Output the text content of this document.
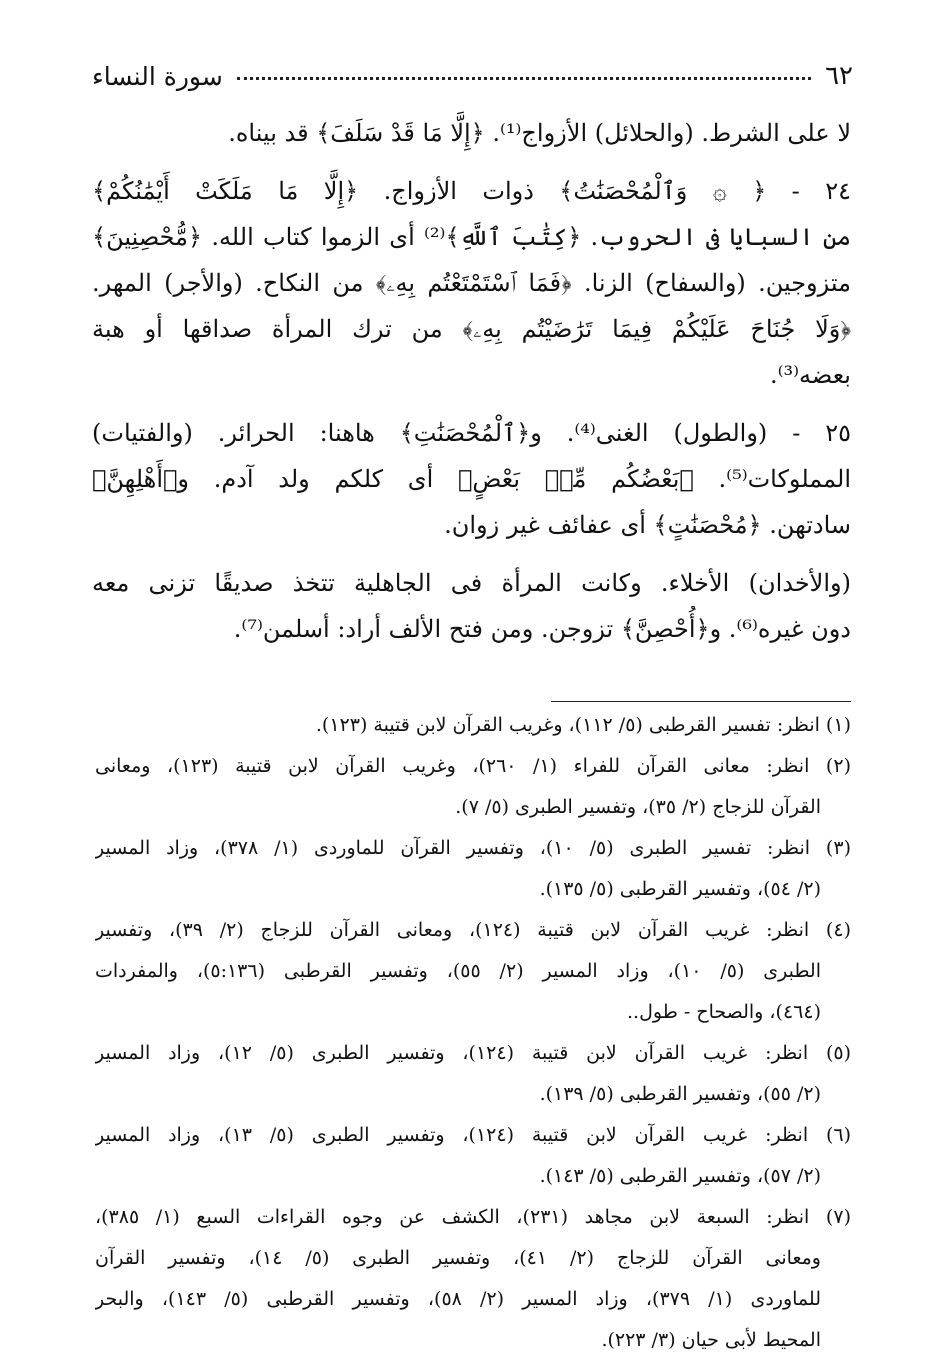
٦٢
سورة النساء
لا على الشرط. (والحلائل) الأزواج⁽¹⁾. ﴿إِلَّا مَا قَدْ سَلَفَ﴾ قد بيناه.
٢٤ - ﴿ ۞ وَٱلْمُحْصَنَٰتُ﴾ ذوات الأزواج. ﴿إِلَّا مَا مَلَكَتْ أَيْمَٰنُكُمْ﴾
من السبايا فى الحروب. ﴿كِتَٰبَ ٱللَّهِ﴾⁽²⁾ أى الزموا كتاب الله. ﴿مُّحْصِنِينَ﴾
متزوجين. (والسفاح) الزنا. ﴿فَمَا ٱسْتَمْتَعْتُم بِهِۦ﴾ من النكاح. (والأجر) المهر.
﴿وَلَا جُنَاحَ عَلَيْكُمْ فِيمَا تَرَٰضَيْتُم بِهِۦ﴾ من ترك المرأة صداقها أو هبة
بعضه⁽³⁾.
٢٥ - (والطول) الغنى⁽⁴⁾. و﴿ٱلْمُحْصَنَٰتِ﴾ هاهنا: الحرائر. (والفتيات)
المملوكات⁽⁵⁾. ﴿بَعْضُكُم مِّنۢ بَعْضٍ﴾ أى كلكم ولد آدم. و﴿أَهْلِهِنَّ﴾
سادتهن. ﴿مُحْصَنَٰتٍ﴾ أى عفائف غير زوان.
(والأخدان) الأخلاء. وكانت المرأة فى الجاهلية تتخذ صديقًا تزنى معه
دون غيره⁽⁶⁾. و﴿أُحْصِنَّ﴾ تزوجن. ومن فتح الألف أراد: أسلمن⁽⁷⁾.
(١) انظر: تفسير القرطبى (٥/ ١١٢)، وغريب القرآن لابن قتيبة (١٢٣).
(٢) انظر: معانى القرآن للفراء (١/ ٢٦٠)، وغريب القرآن لابن قتيبة (١٢٣)، ومعانى
القرآن للزجاج (٢/ ٣٥)، وتفسير الطبرى (٥/ ٧).
(٣) انظر: تفسير الطبرى (٥/ ١٠)، وتفسير القرآن للماوردى (١/ ٣٧٨)، وزاد المسير
(٢/ ٥٤)، وتفسير القرطبى (٥/ ١٣٥).
(٤) انظر: غريب القرآن لابن قتيبة (١٢٤)، ومعانى القرآن للزجاج (٢/ ٣٩)، وتفسير
الطبرى (٥/ ١٠)، وزاد المسير (٢/ ٥٥)، وتفسير القرطبى (٥:١٣٦)، والمفردات
(٤٦٤)، والصحاح - طول..
(٥) انظر: غريب القرآن لابن قتيبة (١٢٤)، وتفسير الطبرى (٥/ ١٢)، وزاد المسير
(٢/ ٥٥)، وتفسير القرطبى (٥/ ١٣٩).
(٦) انظر: غريب القرآن لابن قتيبة (١٢٤)، وتفسير الطبرى (٥/ ١٣)، وزاد المسير
(٢/ ٥٧)، وتفسير القرطبى (٥/ ١٤٣).
(٧) انظر: السبعة لابن مجاهد (٢٣١)، الكشف عن وجوه القراءات السبع (١/ ٣٨٥)،
ومعانى القرآن للزجاج (٢/ ٤١)، وتفسير الطبرى (٥/ ١٤)، وتفسير القرآن
للماوردى (١/ ٣٧٩)، وزاد المسير (٢/ ٥٨)، وتفسير القرطبى (٥/ ١٤٣)، والبحر
المحيط لأبى حيان (٣/ ٢٢٣).
